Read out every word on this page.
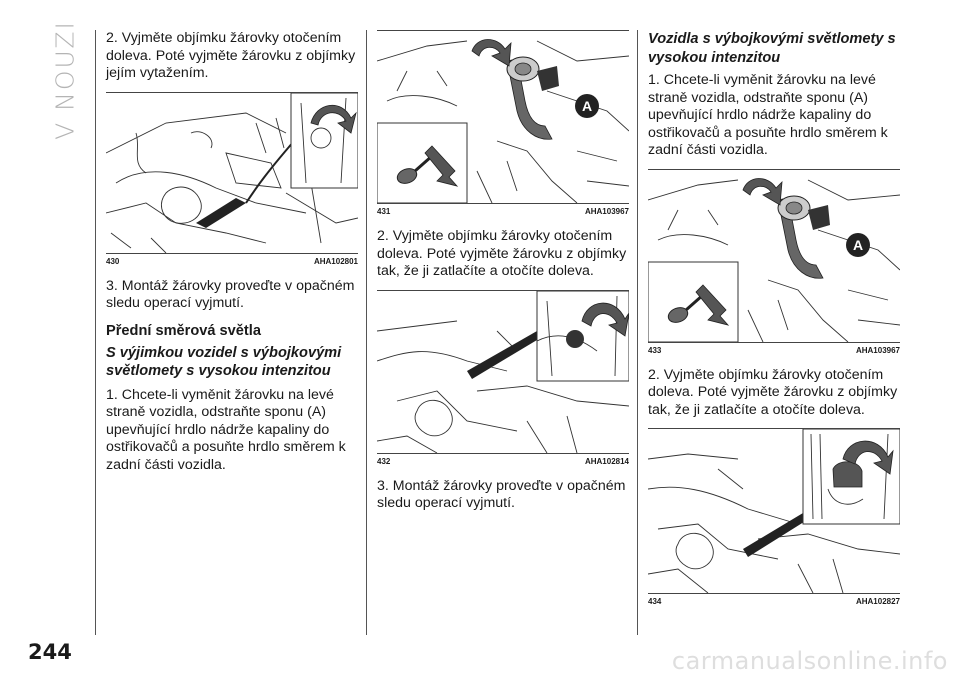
V NOUZI 2. Vyjměte objímku žárovky otočením doleva. Poté vyjměte žárovku z objímky jejím vytažením.

430	AHA102801

3. Montáž žárovky proveďte v opačném sledu operací vyjmutí.

Přední směrová světla
S výjimkou vozidel s výbojkovými světlomety s vysokou intenzitou

1. Chcete-li vyměnit žárovku na levé straně vozidla, odstraňte sponu (A) upevňující hrdlo nádrže kapaliny do ostřikovačů a posuňte hrdlo směrem k zadní části vozidla.

A
431	AHA103967

2. Vyjměte objímku žárovky otočením doleva. Poté vyjměte žárovku z objímky tak, že ji zatlačíte a otočíte doleva.

432	AHA102814

3. Montáž žárovky proveďte v opačném sledu operací vyjmutí.

Vozidla s výbojkovými světlomety s vysokou intenzitou

1. Chcete-li vyměnit žárovku na levé straně vozidla, odstraňte sponu (A) upevňující hrdlo nádrže kapaliny do ostřikovačů a posuňte hrdlo směrem k zadní části vozidla.

A
433	AHA103967

2. Vyjměte objímku žárovky otočením doleva. Poté vyjměte žárovku z objímky tak, že ji zatlačíte a otočíte doleva.

434	AHA102827
244	carmanualsonline.info
